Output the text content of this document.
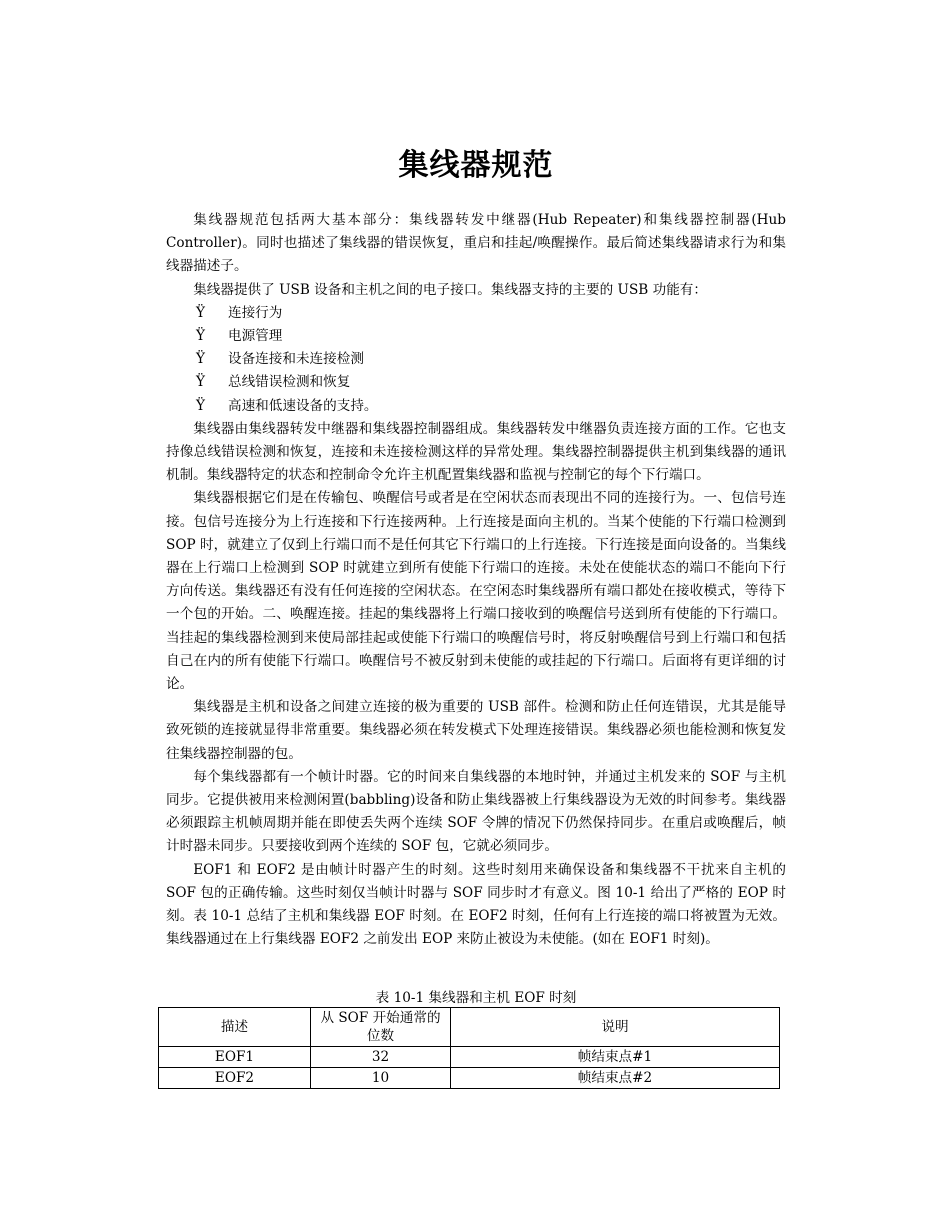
集线器规范

集线器规范包括两大基本部分：集线器转发中继器(Hub Repeater)和集线器控制器(Hub Controller)。同时也描述了集线器的错误恢复，重启和挂起/唤醒操作。最后简述集线器请求行为和集线器描述子。

集线器提供了 USB 设备和主机之间的电子接口。集线器支持的主要的 USB 功能有：

Ÿ	连接行为
Ÿ	电源管理
Ÿ	设备连接和未连接检测
Ÿ	总线错误检测和恢复
Ÿ	高速和低速设备的支持。

集线器由集线器转发中继器和集线器控制器组成。集线器转发中继器负责连接方面的工作。它也支持像总线错误检测和恢复，连接和未连接检测这样的异常处理。集线器控制器提供主机到集线器的通讯机制。集线器特定的状态和控制命令允许主机配置集线器和监视与控制它的每个下行端口。

集线器根据它们是在传输包、唤醒信号或者是在空闲状态而表现出不同的连接行为。一、包信号连接。包信号连接分为上行连接和下行连接两种。上行连接是面向主机的。当某个使能的下行端口检测到 SOP 时，就建立了仅到上行端口而不是任何其它下行端口的上行连接。下行连接是面向设备的。当集线器在上行端口上检测到 SOP 时就建立到所有使能下行端口的连接。未处在使能状态的端口不能向下行方向传送。集线器还有没有任何连接的空闲状态。在空闲态时集线器所有端口都处在接收模式，等待下一个包的开始。二、唤醒连接。挂起的集线器将上行端口接收到的唤醒信号送到所有使能的下行端口。当挂起的集线器检测到来使局部挂起或使能下行端口的唤醒信号时，将反射唤醒信号到上行端口和包括自己在内的所有使能下行端口。唤醒信号不被反射到未使能的或挂起的下行端口。后面将有更详细的讨论。

集线器是主机和设备之间建立连接的极为重要的 USB 部件。检测和防止任何连错误，尤其是能导致死锁的连接就显得非常重要。集线器必须在转发模式下处理连接错误。集线器必须也能检测和恢复发往集线器控制器的包。

每个集线器都有一个帧计时器。它的时间来自集线器的本地时钟，并通过主机发来的 SOF 与主机同步。它提供被用来检测闲置(babbling)设备和防止集线器被上行集线器设为无效的时间参考。集线器必须跟踪主机帧周期并能在即使丢失两个连续 SOF 令牌的情况下仍然保持同步。在重启或唤醒后，帧计时器未同步。只要接收到两个连续的 SOF 包，它就必须同步。

EOF1 和 EOF2 是由帧计时器产生的时刻。这些时刻用来确保设备和集线器不干扰来自主机的 SOF 包的正确传输。这些时刻仅当帧计时器与 SOF 同步时才有意义。图 10-1 给出了严格的 EOP 时刻。表 10-1 总结了主机和集线器 EOF 时刻。在 EOF2 时刻，任何有上行连接的端口将被置为无效。集线器通过在上行集线器 EOF2 之前发出 EOP 来防止被设为未使能。(如在 EOF1 时刻)。

表 10-1 集线器和主机 EOF 时刻
描述	从 SOF 开始通常的位数	说明
EOF1	32	帧结束点#1
EOF2	10	帧结束点#2
